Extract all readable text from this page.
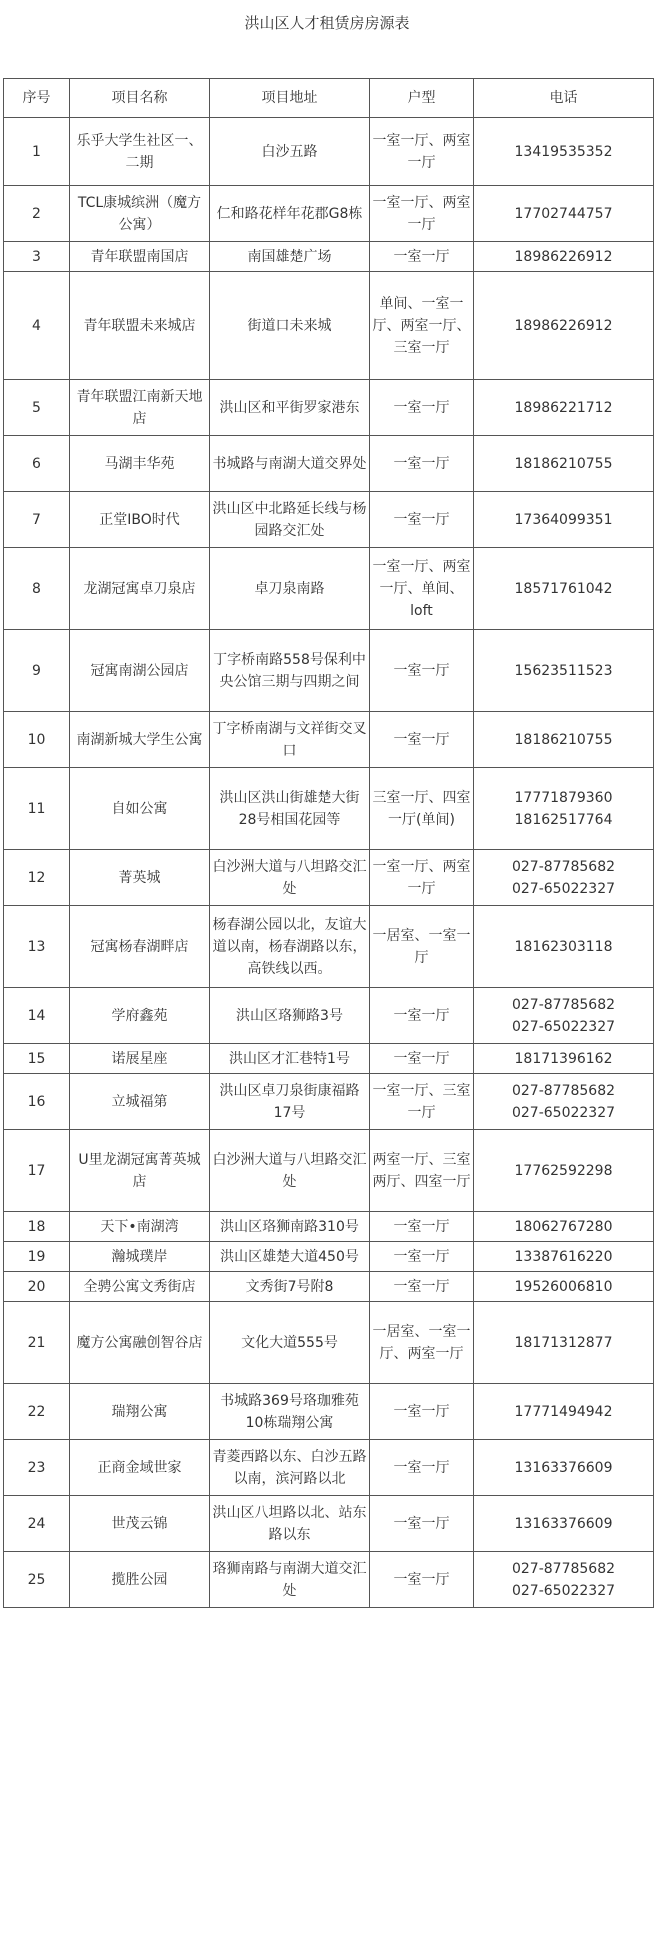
洪山区人才租赁房房源表
序号	项目名称	项目地址	户型	电话
1	乐乎大学生社区一、二期	白沙五路	一室一厅、两室一厅	13419535352
2	TCL康城缤洲（魔方公寓）	仁和路花样年花郡G8栋	一室一厅、两室一厅	17702744757
3	青年联盟南国店	南国雄楚广场	一室一厅	18986226912
4	青年联盟未来城店	街道口未来城	单间、一室一厅、两室一厅、三室一厅	18986226912
5	青年联盟江南新天地店	洪山区和平街罗家港东	一室一厅	18986221712
6	马湖丰华苑	书城路与南湖大道交界处	一室一厅	18186210755
7	正堂IBO时代	洪山区中北路延长线与杨园路交汇处	一室一厅	17364099351
8	龙湖冠寓卓刀泉店	卓刀泉南路	一室一厅、两室一厅、单间、loft	18571761042
9	冠寓南湖公园店	丁字桥南路558号保利中央公馆三期与四期之间	一室一厅	15623511523
10	南湖新城大学生公寓	丁字桥南湖与文祥街交叉口	一室一厅	18186210755
11	自如公寓	洪山区洪山街雄楚大街28号相国花园等	三室一厅、四室一厅(单间)	17771879360
18162517764
12	菁英城	白沙洲大道与八坦路交汇处	一室一厅、两室一厅	027-87785682
027-65022327
13	冠寓杨春湖畔店	杨春湖公园以北，友谊大道以南，杨春湖路以东，高铁线以西。	一居室、一室一厅	18162303118
14	学府鑫苑	洪山区珞狮路3号	一室一厅	027-87785682
027-65022327
15	诺展星座	洪山区才汇巷特1号	一室一厅	18171396162
16	立城福第	洪山区卓刀泉街康福路17号	一室一厅、三室一厅	027-87785682
027-65022327
17	U里龙湖冠寓菁英城店	白沙洲大道与八坦路交汇处	两室一厅、三室两厅、四室一厅	17762592298
18	天下•南湖湾	洪山区珞狮南路310号	一室一厅	18062767280
19	瀚城璞岸	洪山区雄楚大道450号	一室一厅	13387616220
20	全骋公寓文秀街店	文秀街7号附8	一室一厅	19526006810
21	魔方公寓融创智谷店	文化大道555号	一居室、一室一厅、两室一厅	18171312877
22	瑞翔公寓	书城路369号珞珈雅苑10栋瑞翔公寓	一室一厅	17771494942
23	正商金域世家	青菱西路以东、白沙五路以南，滨河路以北	一室一厅	13163376609
24	世茂云锦	洪山区八坦路以北、站东路以东	一室一厅	13163376609
25	揽胜公园	珞狮南路与南湖大道交汇处	一室一厅	027-87785682
027-65022327
